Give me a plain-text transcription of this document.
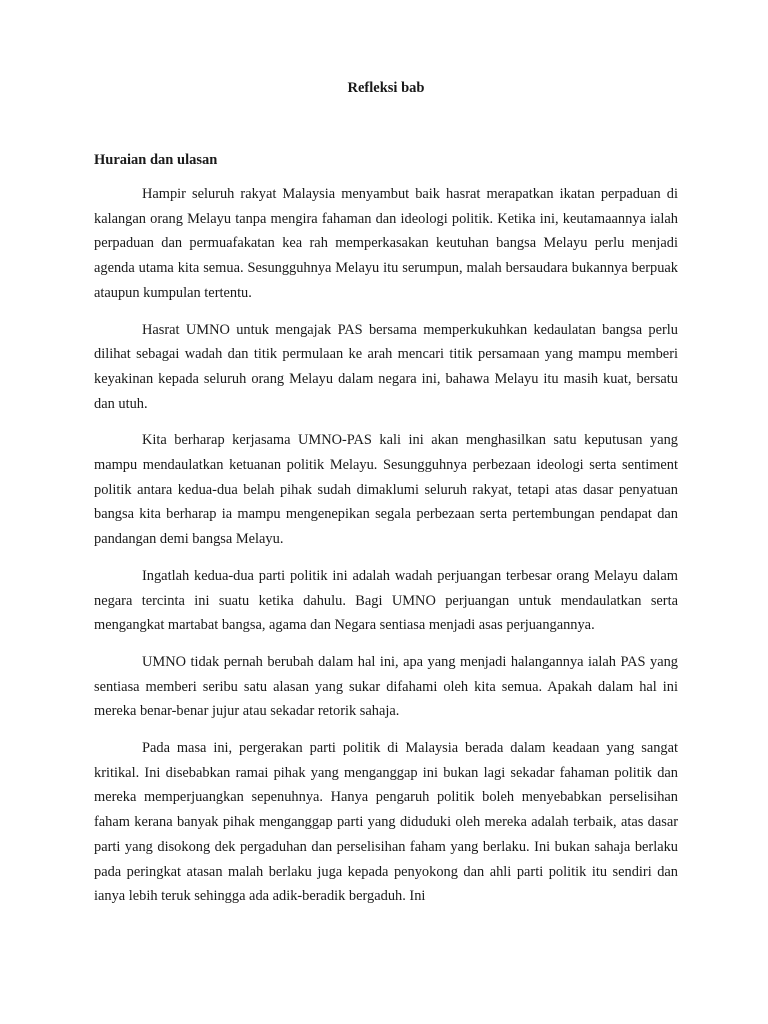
Refleksi bab
Huraian dan ulasan
Hampir seluruh rakyat Malaysia menyambut baik hasrat merapatkan ikatan perpaduan di kalangan orang Melayu tanpa mengira fahaman dan ideologi politik. Ketika ini, keutamaannya ialah perpaduan dan permuafakatan kea rah memperkasakan keutuhan bangsa Melayu perlu menjadi agenda utama kita semua. Sesungguhnya Melayu itu serumpun, malah bersaudara bukannya berpuak ataupun kumpulan tertentu.
Hasrat UMNO untuk mengajak PAS bersama memperkukuhkan kedaulatan bangsa perlu dilihat sebagai wadah dan titik permulaan ke arah mencari titik persamaan yang mampu memberi keyakinan kepada seluruh orang Melayu dalam negara ini, bahawa Melayu itu masih kuat, bersatu dan utuh.
Kita berharap kerjasama UMNO-PAS kali ini akan menghasilkan satu keputusan yang mampu mendaulatkan ketuanan politik Melayu. Sesungguhnya perbezaan ideologi serta sentiment politik antara kedua-dua belah pihak sudah dimaklumi seluruh rakyat, tetapi atas dasar penyatuan bangsa kita berharap ia mampu mengenepikan segala perbezaan serta pertembungan pendapat dan pandangan demi bangsa Melayu.
Ingatlah kedua-dua parti politik ini adalah wadah perjuangan terbesar orang Melayu dalam negara tercinta ini suatu ketika dahulu. Bagi UMNO perjuangan untuk mendaulatkan serta mengangkat martabat bangsa, agama dan Negara sentiasa menjadi asas perjuangannya.
UMNO tidak pernah berubah dalam hal ini, apa yang menjadi halangannya ialah PAS yang sentiasa memberi seribu satu alasan yang sukar difahami oleh kita semua. Apakah dalam hal ini mereka benar-benar jujur atau sekadar retorik sahaja.
Pada masa ini, pergerakan parti politik di Malaysia berada dalam keadaan yang sangat kritikal. Ini disebabkan ramai pihak yang menganggap ini bukan lagi sekadar fahaman politik dan mereka memperjuangkan sepenuhnya. Hanya pengaruh politik boleh menyebabkan perselisihan faham kerana banyak pihak menganggap parti yang diduduki oleh mereka adalah terbaik, atas dasar parti yang disokong dek pergaduhan dan perselisihan faham yang berlaku. Ini bukan sahaja berlaku pada peringkat atasan malah berlaku juga kepada penyokong dan ahli parti politik itu sendiri dan ianya lebih teruk sehingga ada adik-beradik bergaduh. Ini
